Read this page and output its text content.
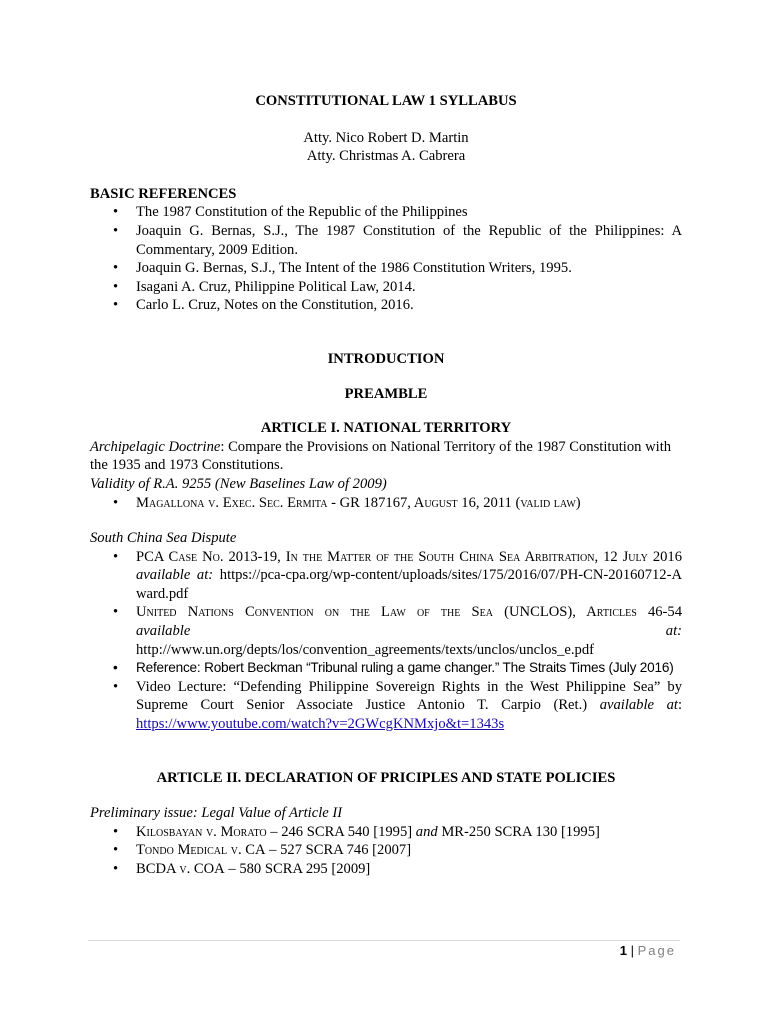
CONSTITUTIONAL LAW 1 SYLLABUS

Atty. Nico Robert D. Martin

Atty. Christmas A. Cabrera

BASIC REFERENCES

• The 1987 Constitution of the Republic of the Philippines
• Joaquin G. Bernas, S.J., The 1987 Constitution of the Republic of the Philippines: A Commentary, 2009 Edition.
• Joaquin G. Bernas, S.J., The Intent of the 1986 Constitution Writers, 1995.
• Isagani A. Cruz, Philippine Political Law, 2014.
• Carlo L. Cruz, Notes on the Constitution, 2016.

INTRODUCTION

PREAMBLE

ARTICLE I. NATIONAL TERRITORY

Archipelagic Doctrine: Compare the Provisions on National Territory of the 1987 Constitution with the 1935 and 1973 Constitutions.

Validity of R.A. 9255 (New Baselines Law of 2009)

• Magallona v. Exec. Sec. Ermita - GR 187167, August 16, 2011 (valid law)

South China Sea Dispute

• PCA Case No. 2013-19, In the Matter of the South China Sea Arbitration, 12 July 2016 available at: https://pca-cpa.org/wp-content/uploads/sites/175/2016/07/PH-CN-20160712-Award.pdf
• United Nations Convention on the Law of the Sea (UNCLOS), Articles 46-54
available	at:
http://www.un.org/depts/los/convention_agreements/texts/unclos/unclos_e.pdf
• Reference: Robert Beckman “Tribunal ruling a game changer.” The Straits Times (July 2016)
• Video Lecture: “Defending Philippine Sovereign Rights in the West Philippine Sea” by Supreme Court Senior Associate Justice Antonio T. Carpio (Ret.) available at: https://www.youtube.com/watch?v=2GWcgKNMxjo&t=1343s

ARTICLE II. DECLARATION OF PRICIPLES AND STATE POLICIES

Preliminary issue: Legal Value of Article II

• Kilosbayan v. Morato – 246 SCRA 540 [1995] and MR-250 SCRA 130 [1995]
• Tondo Medical v. CA – 527 SCRA 746 [2007]
• BCDA v. COA – 580 SCRA 295 [2009]
1 | Page
